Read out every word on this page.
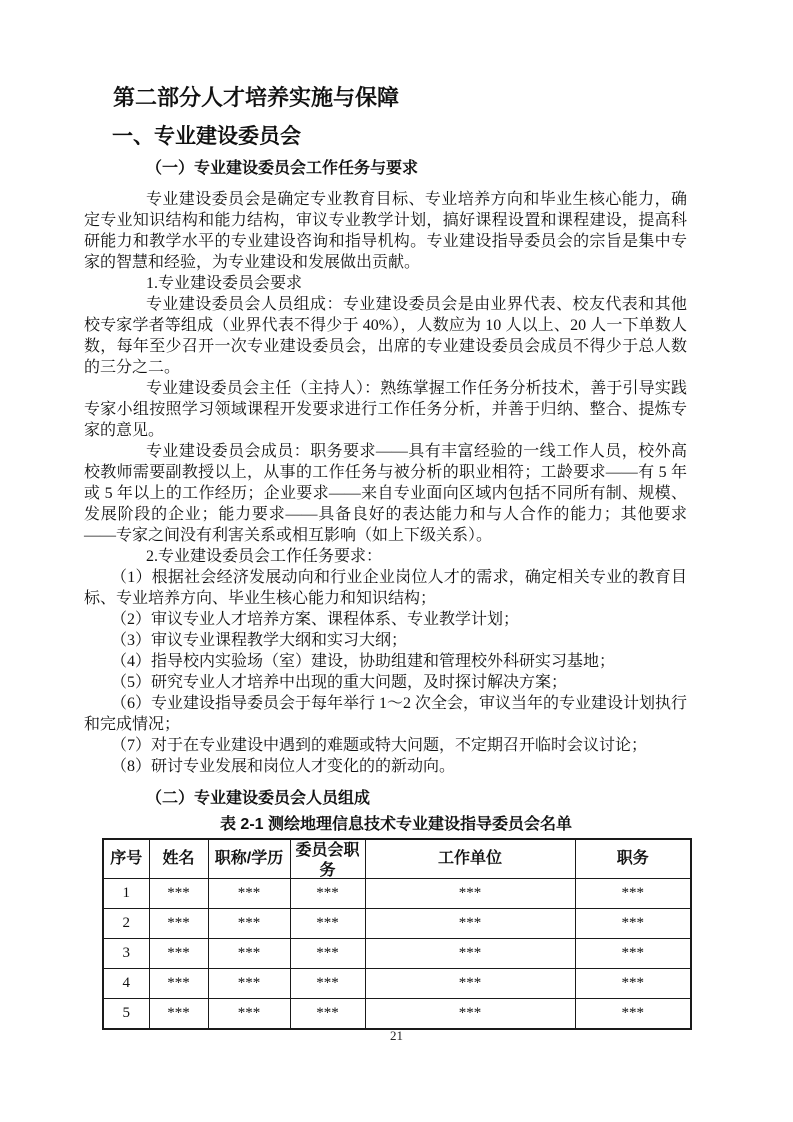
第二部分人才培养实施与保障
一、专业建设委员会
（一）专业建设委员会工作任务与要求

专业建设委员会是确定专业教育目标、专业培养方向和毕业生核心能力，确定专业知识结构和能力结构，审议专业教学计划，搞好课程设置和课程建设，提高科研能力和教学水平的专业建设咨询和指导机构。专业建设指导委员会的宗旨是集中专家的智慧和经验，为专业建设和发展做出贡献。

1.专业建设委员会要求

专业建设委员会人员组成：专业建设委员会是由业界代表、校友代表和其他校专家学者等组成（业界代表不得少于 40%），人数应为 10 人以上、20 人一下单数人数，每年至少召开一次专业建设委员会，出席的专业建设委员会成员不得少于总人数的三分之二。

专业建设委员会主任（主持人）：熟练掌握工作任务分析技术，善于引导实践专家小组按照学习领域课程开发要求进行工作任务分析，并善于归纳、整合、提炼专家的意见。

专业建设委员会成员：职务要求——具有丰富经验的一线工作人员，校外高校教师需要副教授以上，从事的工作任务与被分析的职业相符；工龄要求——有 5 年或 5 年以上的工作经历；企业要求——来自专业面向区域内包括不同所有制、规模、发展阶段的企业；能力要求——具备良好的表达能力和与人合作的能力；其他要求——专家之间没有利害关系或相互影响（如上下级关系）。

2.专业建设委员会工作任务要求：

（1）根据社会经济发展动向和行业企业岗位人才的需求，确定相关专业的教育目标、专业培养方向、毕业生核心能力和知识结构；

（2）审议专业人才培养方案、课程体系、专业教学计划；

（3）审议专业课程教学大纲和实习大纲；

（4）指导校内实验场（室）建设，协助组建和管理校外科研实习基地；

（5）研究专业人才培养中出现的重大问题，及时探讨解决方案；

（6）专业建设指导委员会于每年举行 1～2 次全会，审议当年的专业建设计划执行和完成情况；

（7）对于在专业建设中遇到的难题或特大问题，不定期召开临时会议讨论；

（8）研讨专业发展和岗位人才变化的的新动向。

（二）专业建设委员会人员组成
表 2-1 测绘地理信息技术专业建设指导委员会名单
序号	姓名	职称/学历	委员会职务	工作单位	职务

1	***	***	***	***	***
2	***	***	***	***	***
3	***	***	***	***	***
4	***	***	***	***	***
5	***	***	***	***	***
21
